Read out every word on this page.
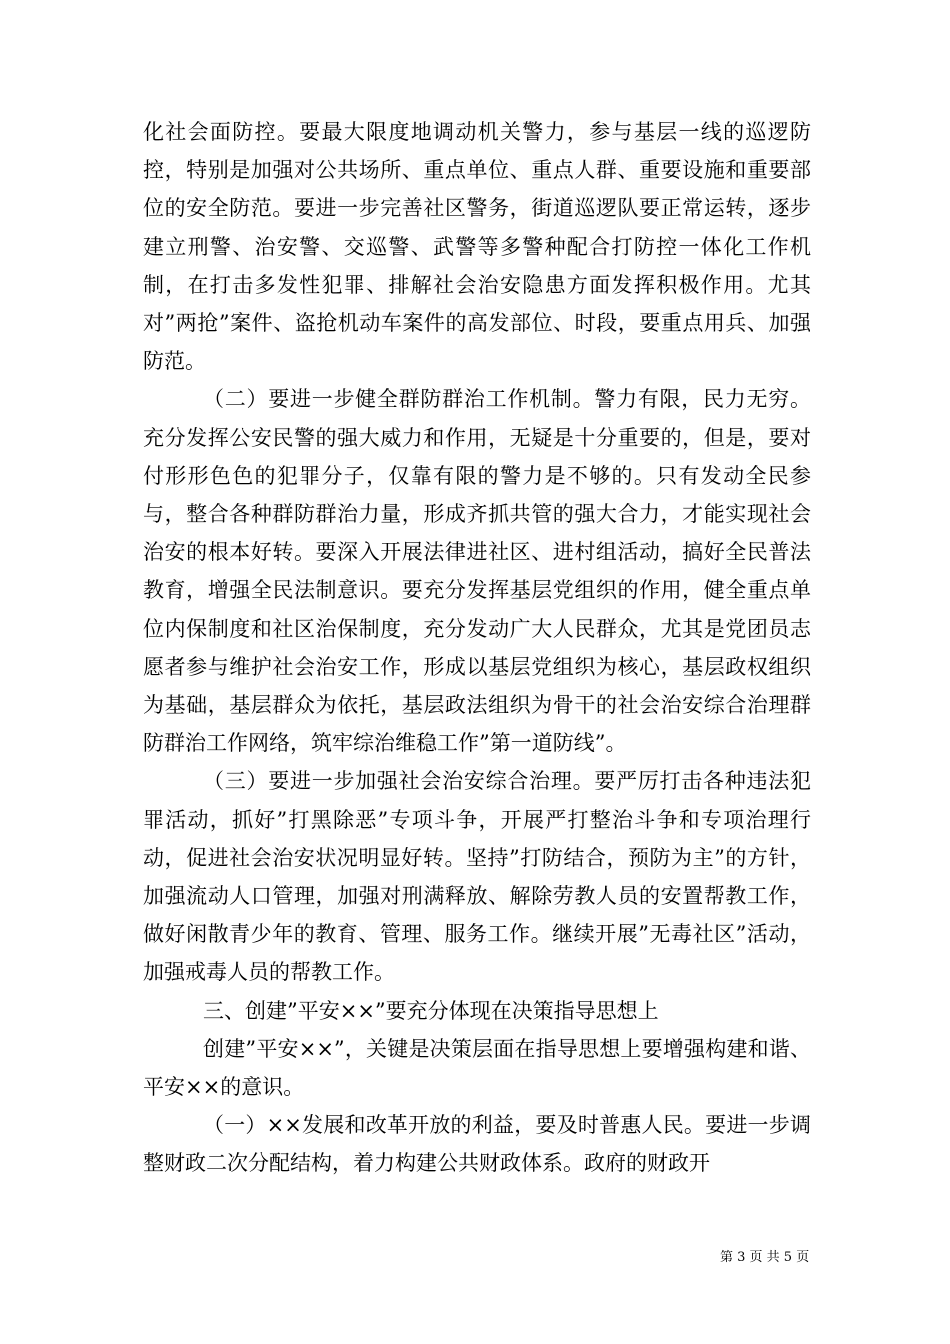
化社会面防控。要最大限度地调动机关警力，参与基层一线的巡逻防控，特别是加强对公共场所、重点单位、重点人群、重要设施和重要部位的安全防范。要进一步完善社区警务，街道巡逻队要正常运转，逐步建立刑警、治安警、交巡警、武警等多警种配合打防控一体化工作机制，在打击多发性犯罪、排解社会治安隐患方面发挥积极作用。尤其对”两抢”案件、盗抢机动车案件的高发部位、时段，要重点用兵、加强防范。

（二）要进一步健全群防群治工作机制。警力有限，民力无穷。充分发挥公安民警的强大威力和作用，无疑是十分重要的，但是，要对付形形色色的犯罪分子，仅靠有限的警力是不够的。只有发动全民参与，整合各种群防群治力量，形成齐抓共管的强大合力，才能实现社会治安的根本好转。要深入开展法律进社区、进村组活动，搞好全民普法教育，增强全民法制意识。要充分发挥基层党组织的作用，健全重点单位内保制度和社区治保制度，充分发动广大人民群众，尤其是党团员志愿者参与维护社会治安工作，形成以基层党组织为核心，基层政权组织为基础，基层群众为依托，基层政法组织为骨干的社会治安综合治理群防群治工作网络，筑牢综治维稳工作”第一道防线”。

（三）要进一步加强社会治安综合治理。要严厉打击各种违法犯罪活动，抓好”打黑除恶”专项斗争，开展严打整治斗争和专项治理行动，促进社会治安状况明显好转。坚持”打防结合，预防为主”的方针，加强流动人口管理，加强对刑满释放、解除劳教人员的安置帮教工作，做好闲散青少年的教育、管理、服务工作。继续开展”无毒社区”活动，加强戒毒人员的帮教工作。

三、创建”平安××”要充分体现在决策指导思想上

创建”平安××”，关键是决策层面在指导思想上要增强构建和谐、平安××的意识。

（一）××发展和改革开放的利益，要及时普惠人民。要进一步调整财政二次分配结构，着力构建公共财政体系。政府的财政开

第 3 页 共 5 页
